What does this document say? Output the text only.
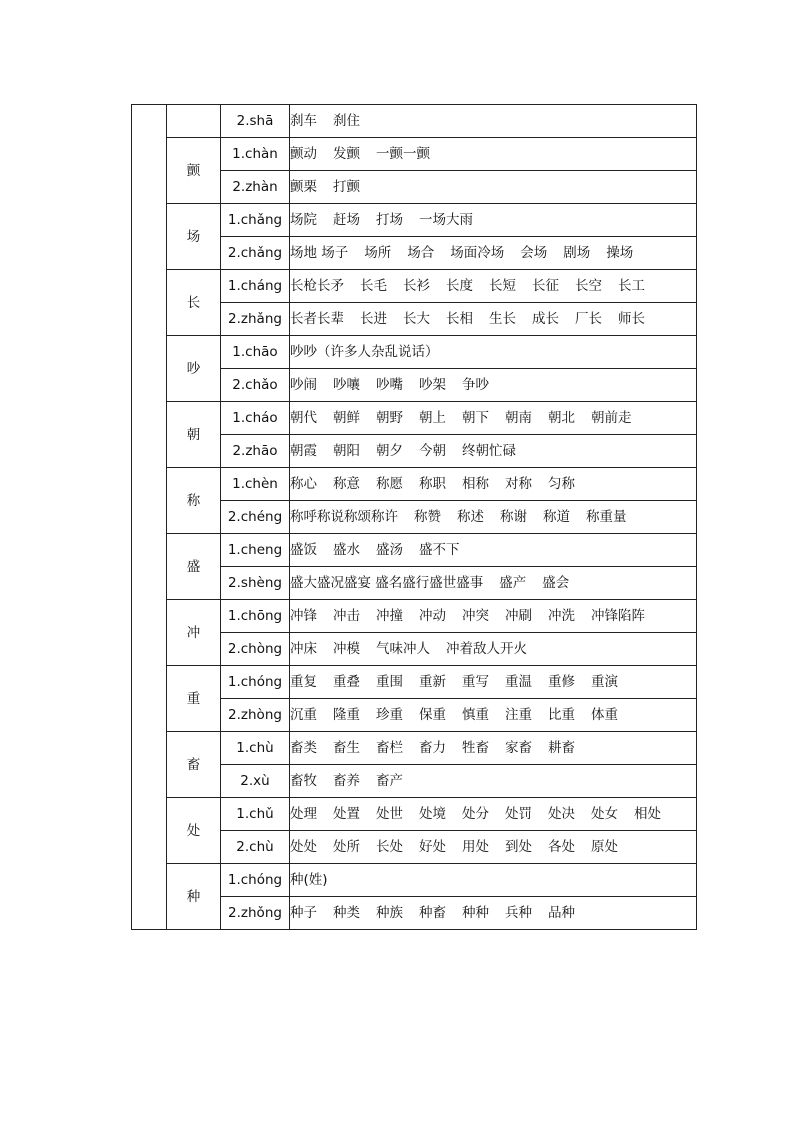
		2.shā	刹车 刹住
	颤	1.chàn	颤动 发颤 一颤一颤
		2.zhàn	颤栗 打颤
	场	1.chǎng	场院 赶场 打场 一场大雨
		2.chǎng	场地 场子 场所 场合 场面冷场 会场 剧场 操场
	长	1.cháng	长枪长矛 长毛 长衫 长度 长短 长征 长空 长工
		2.zhǎng	长者长辈 长进 长大 长相 生长 成长 厂长 师长
	吵	1.chāo	吵吵（许多人杂乱说话）
		2.chǎo	吵闹 吵嚷 吵嘴 吵架 争吵
	朝	1.cháo	朝代 朝鲜 朝野 朝上 朝下 朝南 朝北 朝前走
		2.zhāo	朝霞 朝阳 朝夕 今朝 终朝忙碌
	称	1.chèn	称心 称意 称愿 称职 相称 对称 匀称
		2.chéng	称呼称说称颂称许 称赞 称述 称谢 称道 称重量
	盛	1.cheng	盛饭 盛水 盛汤 盛不下
		2.shèng	盛大盛况盛宴 盛名盛行盛世盛事 盛产 盛会
	冲	1.chōng	冲锋 冲击 冲撞 冲动 冲突 冲刷 冲洗 冲锋陷阵
		2.chòng	冲床 冲模 气味冲人 冲着敌人开火
	重	1.chóng	重复 重叠 重围 重新 重写 重温 重修 重演
		2.zhòng	沉重 隆重 珍重 保重 慎重 注重 比重 体重
	畜	1.chù	畜类 畜生 畜栏 畜力 牲畜 家畜 耕畜
		2.xù	畜牧 畜养 畜产
	处	1.chǔ	处理 处置 处世 处境 处分 处罚 处决 处女 相处
		2.chù	处处 处所 长处 好处 用处 到处 各处 原处
	种	1.chóng	种(姓)
		2.zhǒng	种子 种类 种族 种畜 种种 兵种 品种
